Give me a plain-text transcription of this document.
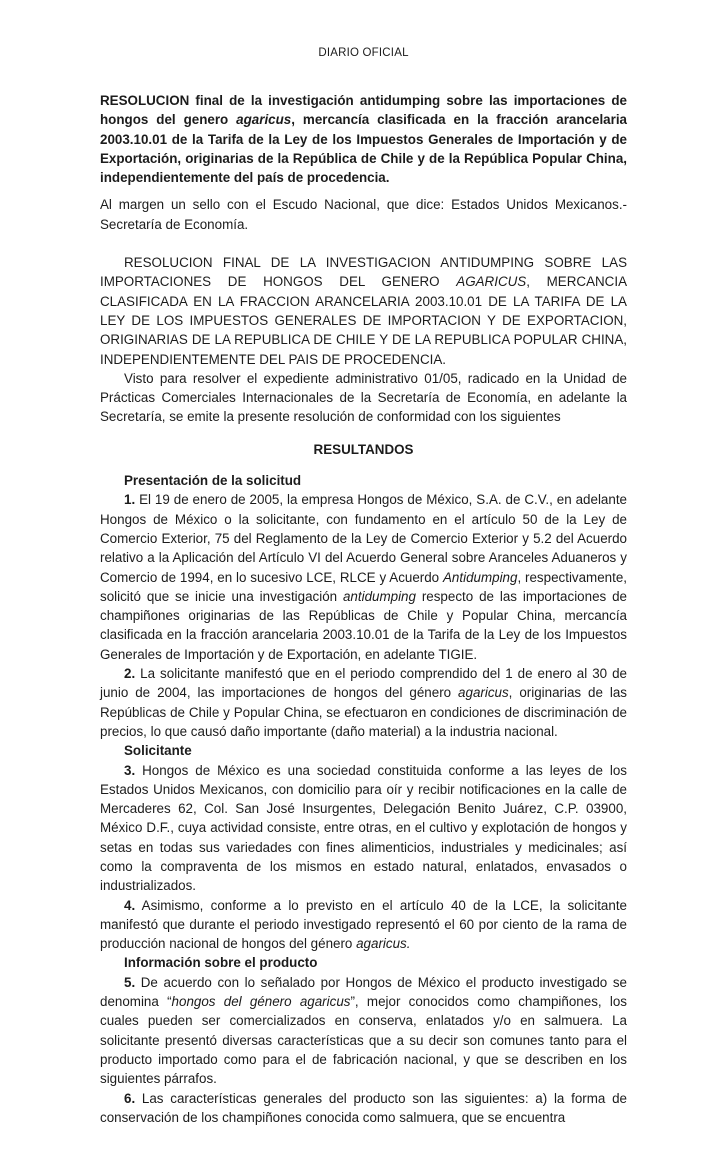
DIARIO OFICIAL

RESOLUCION final de la investigación antidumping sobre las importaciones de hongos del genero agaricus, mercancía clasificada en la fracción arancelaria 2003.10.01 de la Tarifa de la Ley de los Impuestos Generales de Importación y de Exportación, originarias de la República de Chile y de la República Popular China, independientemente del país de procedencia.

Al margen un sello con el Escudo Nacional, que dice: Estados Unidos Mexicanos.- Secretaría de Economía.

RESOLUCION FINAL DE LA INVESTIGACION ANTIDUMPING SOBRE LAS IMPORTACIONES DE HONGOS DEL GENERO AGARICUS, MERCANCIA CLASIFICADA EN LA FRACCION ARANCELARIA 2003.10.01 DE LA TARIFA DE LA LEY DE LOS IMPUESTOS GENERALES DE IMPORTACION Y DE EXPORTACION, ORIGINARIAS DE LA REPUBLICA DE CHILE Y DE LA REPUBLICA POPULAR CHINA, INDEPENDIENTEMENTE DEL PAIS DE PROCEDENCIA.

Visto para resolver el expediente administrativo 01/05, radicado en la Unidad de Prácticas Comerciales Internacionales de la Secretaría de Economía, en adelante la Secretaría, se emite la presente resolución de conformidad con los siguientes

RESULTANDOS

Presentación de la solicitud

1. El 19 de enero de 2005, la empresa Hongos de México, S.A. de C.V., en adelante Hongos de México o la solicitante, con fundamento en el artículo 50 de la Ley de Comercio Exterior, 75 del Reglamento de la Ley de Comercio Exterior y 5.2 del Acuerdo relativo a la Aplicación del Artículo VI del Acuerdo General sobre Aranceles Aduaneros y Comercio de 1994, en lo sucesivo LCE, RLCE y Acuerdo Antidumping, respectivamente, solicitó que se inicie una investigación antidumping respecto de las importaciones de champiñones originarias de las Repúblicas de Chile y Popular China, mercancía clasificada en la fracción arancelaria 2003.10.01 de la Tarifa de la Ley de los Impuestos Generales de Importación y de Exportación, en adelante TIGIE.

2. La solicitante manifestó que en el periodo comprendido del 1 de enero al 30 de junio de 2004, las importaciones de hongos del género agaricus, originarias de las Repúblicas de Chile y Popular China, se efectuaron en condiciones de discriminación de precios, lo que causó daño importante (daño material) a la industria nacional.

Solicitante

3. Hongos de México es una sociedad constituida conforme a las leyes de los Estados Unidos Mexicanos, con domicilio para oír y recibir notificaciones en la calle de Mercaderes 62, Col. San José Insurgentes, Delegación Benito Juárez, C.P. 03900, México D.F., cuya actividad consiste, entre otras, en el cultivo y explotación de hongos y setas en todas sus variedades con fines alimenticios, industriales y medicinales; así como la compraventa de los mismos en estado natural, enlatados, envasados o industrializados.

4. Asimismo, conforme a lo previsto en el artículo 40 de la LCE, la solicitante manifestó que durante el periodo investigado representó el 60 por ciento de la rama de producción nacional de hongos del género agaricus.

Información sobre el producto

5. De acuerdo con lo señalado por Hongos de México el producto investigado se denomina “hongos del género agaricus”, mejor conocidos como champiñones, los cuales pueden ser comercializados en conserva, enlatados y/o en salmuera. La solicitante presentó diversas características que a su decir son comunes tanto para el producto importado como para el de fabricación nacional, y que se describen en los siguientes párrafos.

6. Las características generales del producto son las siguientes: a) la forma de conservación de los champiñones conocida como salmuera, que se encuentra
